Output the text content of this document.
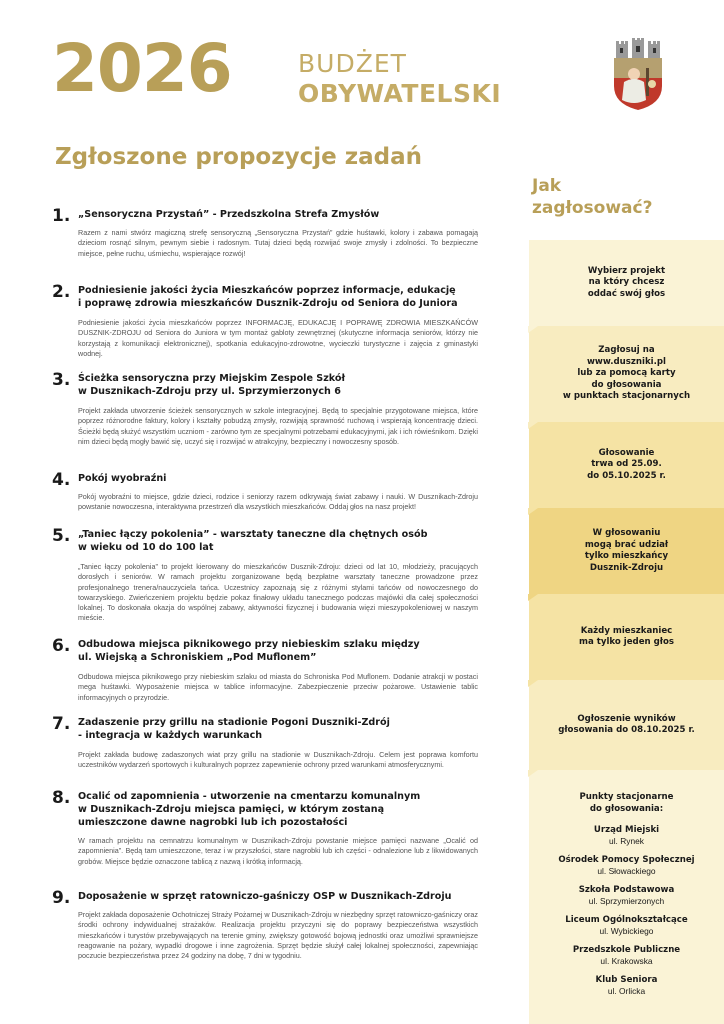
2026	BUDŻET
OBYWATELSKI
Zgłoszone propozycje zadań
Jak
zagłosować?
1. „Sensoryczna Przystań” - Przedszkolna Strefa Zmysłów
Razem z nami stwórz magiczną strefę sensoryczną „Sensoryczna Przystań” gdzie huśtawki, kolory i zabawa pomagają dzieciom rosnąć silnym, pewnym siebie i radosnym. Tutaj dzieci będą rozwijać swoje zmysły i zdolności. To bezpieczne miejsce, pełne ruchu, uśmiechu, wspierające rozwój!
2. Podniesienie jakości życia Mieszkańców poprzez informacje, edukację
i poprawę zdrowia mieszkańców Dusznik-Zdroju od Seniora do Juniora
Podniesienie jakości życia mieszkańców poprzez INFORMACJĘ, EDUKACJĘ I POPRAWĘ ZDROWIA MIESZKAŃCÓW DUSZNIK-ZDROJU od Seniora do Juniora w tym montaż gabloty zewnętrznej (skutyczne informacja seniorów, którzy nie korzystają z komunikacji elektronicznej), spotkania edukacyjno-zdrowotne, wycieczki turystyczne i zajęcia z gminastyki wodnej.
3. Ścieżka sensoryczna przy Miejskim Zespole Szkół
w Dusznikach-Zdroju przy ul. Sprzymierzonych 6
Projekt zakłada utworzenie ścieżek sensorycznych w szkole integracyjnej. Będą to specjalnie przygotowane miejsca, które poprzez różnorodne faktury, kolory i kształty pobudzą zmysły, rozwijają sprawność ruchową i wspierają koncentrację dzieci. Ścieżki będą służyć wszystkim uczniom - zarówno tym ze specjalnymi potrzebami edukacyjnymi, jak i ich rówieśnikom. Dzięki nim dzieci będą mogły bawić się, uczyć się i rozwijać w atrakcyjny, bezpieczny i nowoczesny sposób.
4. Pokój wyobraźni
Pokój wyobraźni to miejsce, gdzie dzieci, rodzice i seniorzy razem odkrywają świat zabawy i nauki. W Dusznikach-Zdroju powstanie nowoczesna, interaktywna przestrzeń dla wszystkich mieszkańców. Oddaj głos na nasz projekt!
5. „Taniec łączy pokolenia” - warsztaty taneczne dla chętnych osób
w wieku od 10 do 100 lat
„Taniec łączy pokolenia” to projekt kierowany do mieszkańców Dusznik-Zdroju: dzieci od lat 10, młodzieży, pracujących dorosłych i seniorów. W ramach projektu zorganizowane będą bezpłatne warsztaty taneczne prowadzone przez profesjonalnego trenera/nauczyciela tańca. Uczestnicy zapoznają się z różnymi stylami tańców od nowoczesnego do towarzyskiego. Zwieńczeniem projektu będzie pokaz finałowy układu tanecznego podczas majówki dla całej społeczności lokalnej. To doskonała okazja do wspólnej zabawy, aktywności fizycznej i budowania więzi mieszypokoleniowej w naszym mieście.
6. Odbudowa miejsca piknikowego przy niebieskim szlaku między
ul. Wiejską a Schroniskiem „Pod Muflonem”
Odbudowa miejsca piknikowego przy niebieskim szlaku od miasta do Schroniska Pod Muflonem. Dodanie atrakcji w postaci mega huśtawki. Wyposażenie miejsca w tablice informacyjne. Zabezpieczenie przeciw pożarowe. Ustawienie tablic informacyjnych o przyrodzie.
7. Zadaszenie przy grillu na stadionie Pogoni Duszniki-Zdrój
- integracja w każdych warunkach
Projekt zakłada budowę zadaszonych wiat przy grillu na stadionie w Dusznikach-Zdroju. Celem jest poprawa komfortu uczestników wydarzeń sportowych i kulturalnych poprzez zapewnienie ochrony przed warunkami atmosferycznymi.
8. Ocalić od zapomnienia - utworzenie na cmentarzu komunalnym
w Dusznikach-Zdroju miejsca pamięci, w którym zostaną
umieszczone dawne nagrobki lub ich pozostałości
W ramach projektu na cemnatrzu komunalnym w Dusznikach-Zdroju powstanie miejsce pamięci nazwane „Ocalić od zapomnienia”. Będą tam umieszczone, teraz i w przyszłości, stare nagrobki lub ich części - odnalezione lub z likwidowanych grobów. Miejsce będzie oznaczone tablicą z nazwą i krótką informacją.
9. Doposażenie w sprzęt ratowniczo-gaśniczy OSP w Dusznikach-Zdroju
Projekt zakłada doposażenie Ochotniczej Straży Pożarnej w Dusznikach-Zdroju w niezbędny sprzęt ratowniczo-gaśniczy oraz środki ochrony indywidualnej strażaków. Realizacja projektu przyczyni się do poprawy bezpieczeństwa wszystkich mieszkańców i turystów przebywających na terenie gminy, zwiększy gotowość bojową jednostki oraz umożliwi sprawniejsze reagowanie na pożary, wypadki drogowe i inne zagrożenia. Sprzęt będzie służył całej lokalnej społeczności, zapewniając poczucie bezpieczeństwa przez 24 godziny na dobę, 7 dni w tygodniu.
Wybierz projekt
na który chcesz
oddać swój głos
Zagłosuj na
www.duszniki.pl
lub za pomocą karty
do głosowania
w punktach stacjonarnych
Głosowanie
trwa od 25.09.
do 05.10.2025 r.
W głosowaniu
mogą brać udział
tylko mieszkańcy
Dusznik-Zdroju
Każdy mieszkaniec
ma tylko jeden głos
Ogłoszenie wyników
głosowania do 08.10.2025 r.
Punkty stacjonarne
do głosowania:
Urząd Miejski
ul. Rynek
Ośrodek Pomocy Społecznej
ul. Słowackiego
Szkoła Podstawowa
ul. Sprzymierzonych
Liceum Ogólnokształcące
ul. Wybickiego
Przedszkole Publiczne
ul. Krakowska
Klub Seniora
ul. Orlicka
